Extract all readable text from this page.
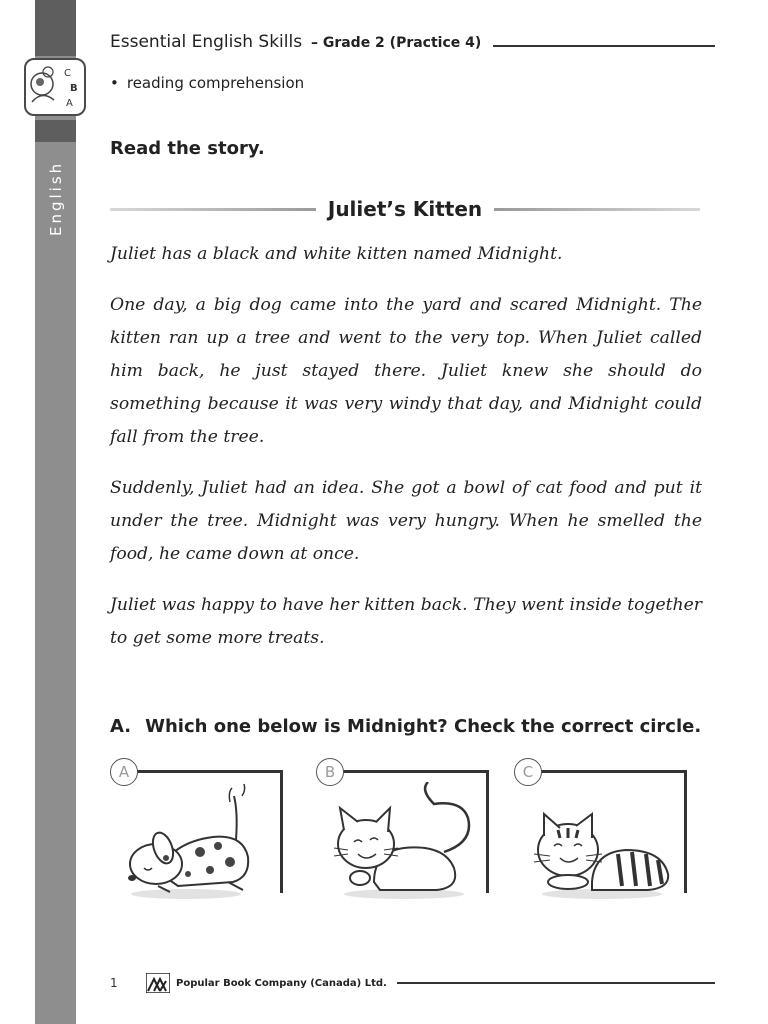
English
C
B
A
Essential English Skills – Grade 2 (Practice 4)
• reading comprehension
Read the story.
Juliet’s Kitten

Juliet has a black and white kitten named Midnight.

One day, a big dog came into the yard and scared Midnight. The kitten ran up a tree and went to the very top. When Juliet called him back, he just stayed there. Juliet knew she should do something because it was very windy that day, and Midnight could fall from the tree.

Suddenly, Juliet had an idea. She got a bowl of cat food and put it under the tree. Midnight was very hungry. When he smelled the food, he came down at once.

Juliet was happy to have her kitten back. They went inside together to get some more treats.

A. Which one below is Midnight? Check the correct circle.
A	B	C
1	Popular Book Company (Canada) Ltd.
